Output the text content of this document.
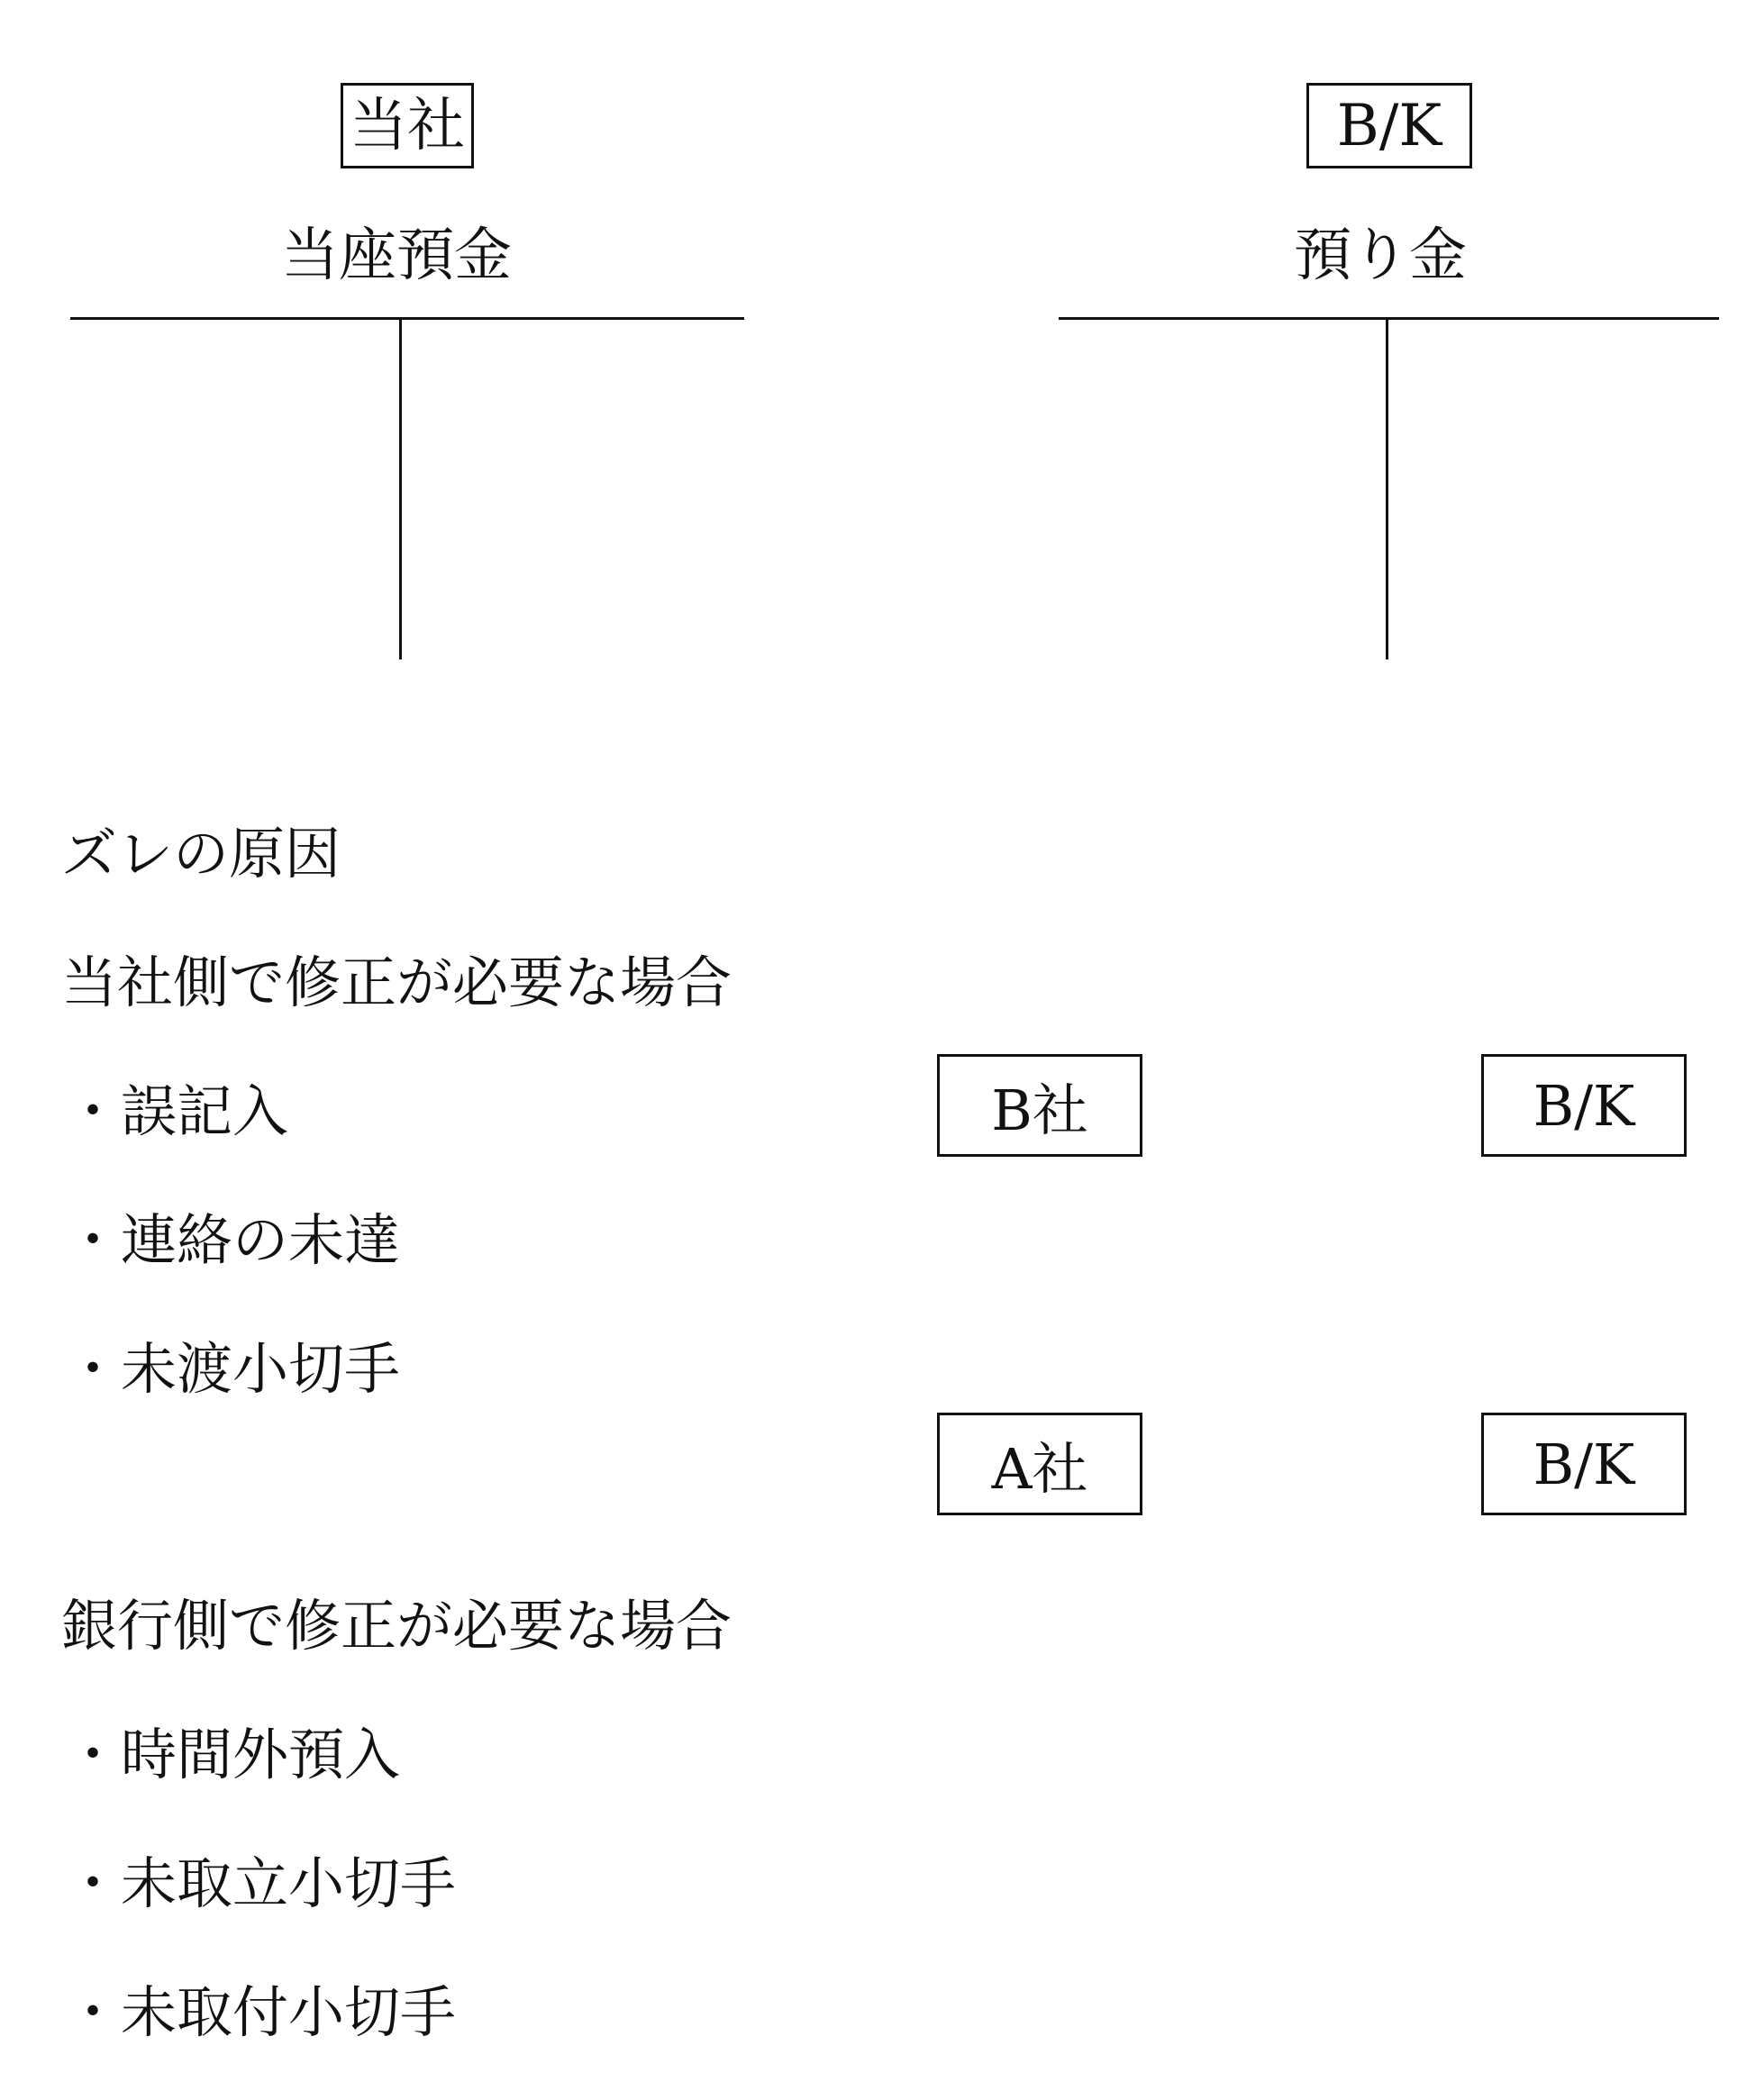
当社
当座預金
B/K
預り金
ズレの原因
当社側で修正が必要な場合
・誤記入
・連絡の未達
・未渡小切手
B社	B/K
A社	B/K
銀行側で修正が必要な場合
・時間外預入
・未取立小切手
・未取付小切手
